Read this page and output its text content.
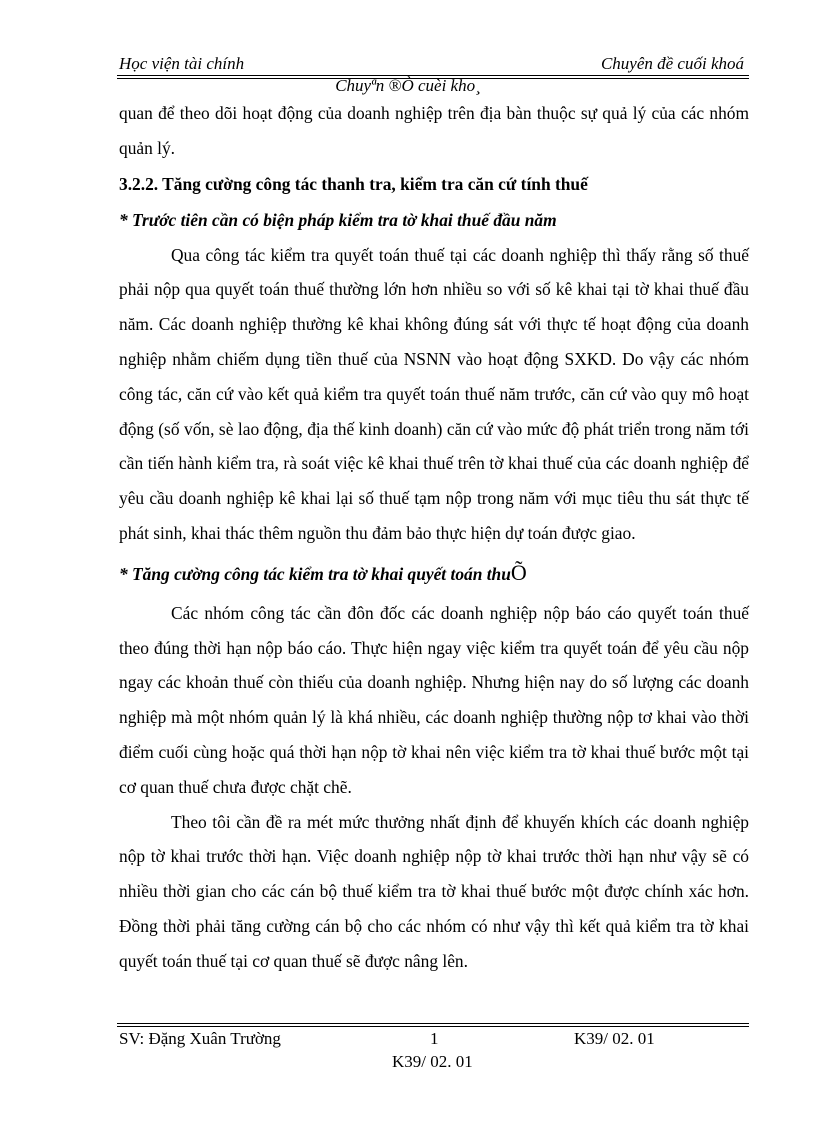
Học viện tài chính	Chuyên đề cuối khoá
Chuyªn ®Ò cuèi kho¸

quan để theo dõi hoạt động của doanh nghiệp trên địa bàn thuộc sự quả lý của các nhóm quản lý.

3.2.2. Tăng cường công tác thanh tra, kiểm tra căn cứ tính thuế

* Trước tiên cần có biện pháp kiểm tra tờ khai thuế đầu năm

Qua công tác kiểm tra quyết toán thuế tại các doanh nghiệp thì thấy rằng số thuế phải nộp qua quyết toán thuế thường lớn hơn nhiều so với số kê khai tại tờ khai thuế đầu năm. Các doanh nghiệp thường kê khai không đúng sát với thực tế hoạt động của doanh nghiệp nhằm chiếm dụng tiền thuế của NSNN vào hoạt động SXKD. Do vậy các nhóm công tác, căn cứ vào kết quả kiểm tra quyết toán thuế năm trước, căn cứ vào quy mô hoạt động (số vốn, sè lao động, địa thế kinh doanh) căn cứ vào mức độ phát triển trong năm tới cần tiến hành kiểm tra, rà soát việc kê khai thuế trên tờ khai thuế của các doanh nghiệp để yêu cầu doanh nghiệp kê khai lại số thuế tạm nộp trong năm với mục tiêu thu sát thực tế phát sinh, khai thác thêm nguồn thu đảm bảo thực hiện dự toán được giao.

* Tăng cường công tác kiểm tra tờ khai quyết toán thuÕ

Các nhóm công tác cần đôn đốc các doanh nghiệp nộp báo cáo quyết toán thuế theo đúng thời hạn nộp báo cáo. Thực hiện ngay việc kiểm tra quyết toán để yêu cầu nộp ngay các khoản thuế còn thiếu của doanh nghiệp. Nhưng hiện nay do số lượng các doanh nghiệp mà một nhóm quản lý là khá nhiều, các doanh nghiệp thường nộp tơ khai vào thời điểm cuối cùng hoặc quá thời hạn nộp tờ khai nên việc kiểm tra tờ khai thuế bước một tại cơ quan thuế chưa được chặt chẽ.

Theo tôi cần đề ra mét mức thưởng nhất định để khuyến khích các doanh nghiệp nộp tờ khai trước thời hạn. Việc doanh nghiệp nộp tờ khai trước thời hạn như vậy sẽ có nhiều thời gian cho các cán bộ thuế kiểm tra tờ khai thuế bước một được chính xác hơn. Đồng thời phải tăng cường cán bộ cho các nhóm có như vậy thì kết quả kiểm tra tờ khai quyết toán thuế tại cơ quan thuế sẽ được nâng lên.

SV: Đặng Xuân Trường	1	K39/ 02. 01
K39/ 02. 01
